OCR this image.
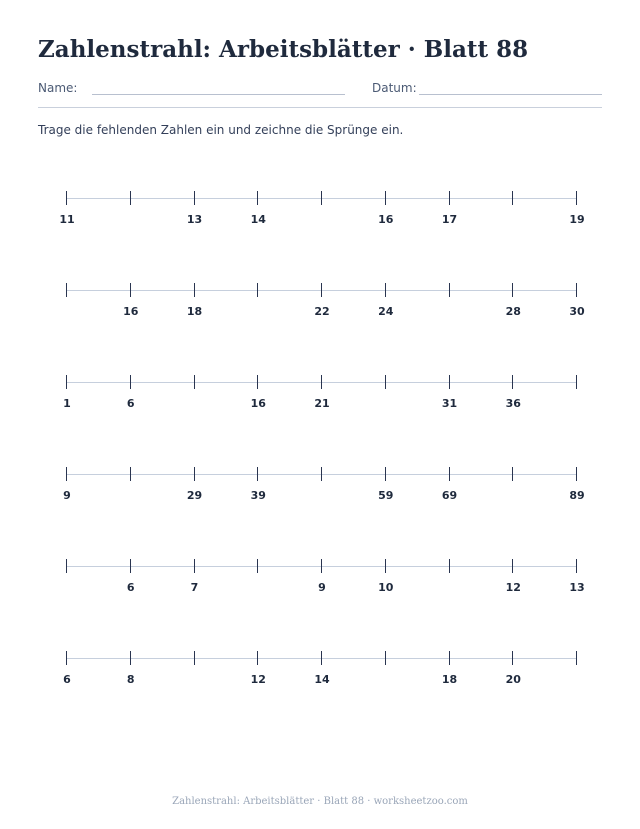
Zahlenstrahl: Arbeitsblätter · Blatt 88
Name:	Datum:

Trage die fehlenden Zahlen ein und zeichne die Sprünge ein.

11	13	14	16	17	19
16	18	22	24	28	30
1	6	16	21	31	36
9	29	39	59	69	89
6	7	9	10	12	13
6	8	12	14	18	20
Zahlenstrahl: Arbeitsblätter · Blatt 88 · worksheetzoo.com
